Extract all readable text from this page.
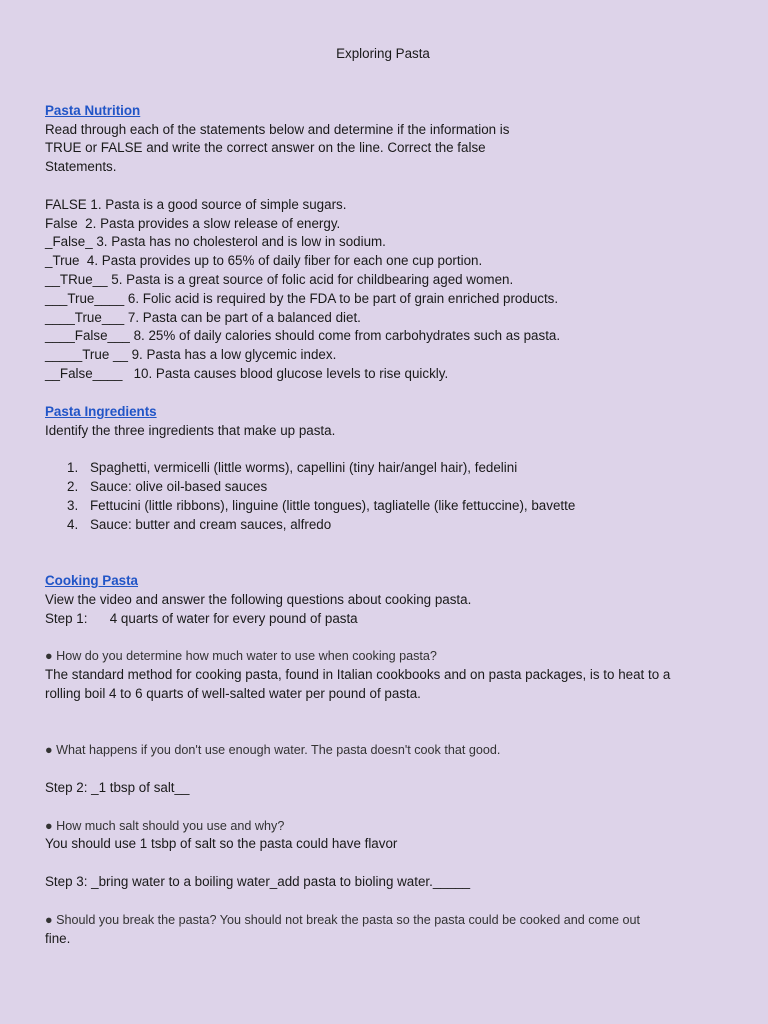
Exploring Pasta
Pasta Nutrition
Read through each of the statements below and determine if the information is
TRUE or FALSE and write the correct answer on the line. Correct the false
Statements.
FALSE 1. Pasta is a good source of simple sugars.
False  2. Pasta provides a slow release of energy.
_False_ 3. Pasta has no cholesterol and is low in sodium.
_True  4. Pasta provides up to 65% of daily fiber for each one cup portion.
__TRue__ 5. Pasta is a great source of folic acid for childbearing aged women.
___True____ 6. Folic acid is required by the FDA to be part of grain enriched products.
____True___ 7. Pasta can be part of a balanced diet.
____False___ 8. 25% of daily calories should come from carbohydrates such as pasta.
_____True __ 9. Pasta has a low glycemic index.
__False____   10. Pasta causes blood glucose levels to rise quickly.
Pasta Ingredients
Identify the three ingredients that make up pasta.
1. Spaghetti, vermicelli (little worms), capellini (tiny hair/angel hair), fedelini
2. Sauce: olive oil-based sauces
3. Fettucini (little ribbons), linguine (little tongues), tagliatelle (like fettuccine), bavette
4. Sauce: butter and cream sauces, alfredo
Cooking Pasta
View the video and answer the following questions about cooking pasta.
Step 1:      4 quarts of water for every pound of pasta
● How do you determine how much water to use when cooking pasta?
The standard method for cooking pasta, found in Italian cookbooks and on pasta packages, is to heat to a
rolling boil 4 to 6 quarts of well-salted water per pound of pasta.
● What happens if you don't use enough water. The pasta doesn't cook that good.
Step 2: _1 tbsp of salt__
● How much salt should you use and why?
You should use 1 tsbp of salt so the pasta could have flavor
Step 3: _bring water to a boiling water_add pasta to bioling water._____
● Should you break the pasta? You should not break the pasta so the pasta could be cooked and come out
fine.
